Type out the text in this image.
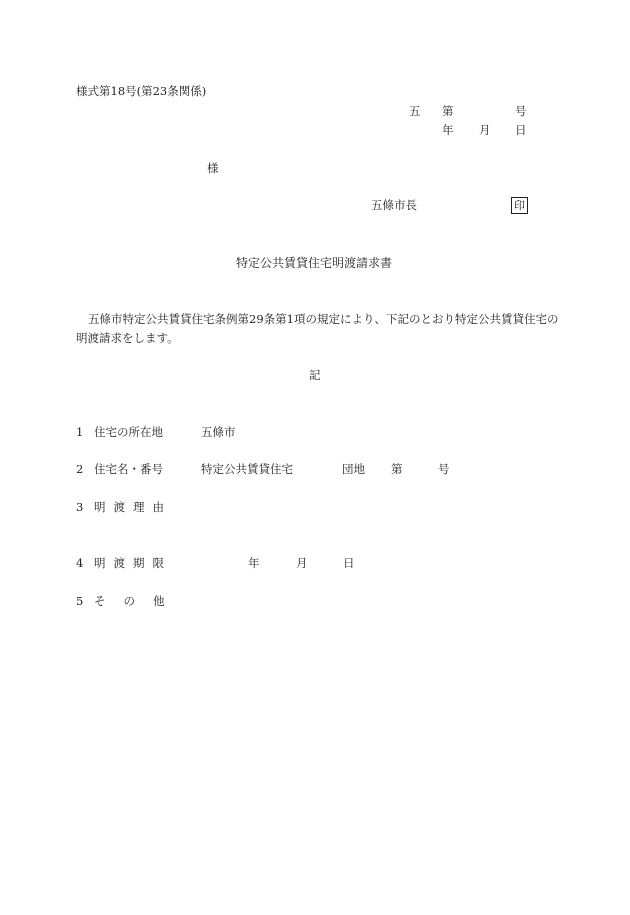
様式第18号(第23条関係)
五 第	号
年 月 日
様
五條市長	印
特定公共賃貸住宅明渡請求書
五條市特定公共賃貸住宅条例第29条第1項の規定により、下記のとおり特定公共賃貸住宅の明渡請求をします。
記
1 住宅の所在地	五條市
2 住宅名・番号	特定公共賃貸住宅	団地 第	号
3 明渡理由
4 明渡期限	年	月	日
5 その他
